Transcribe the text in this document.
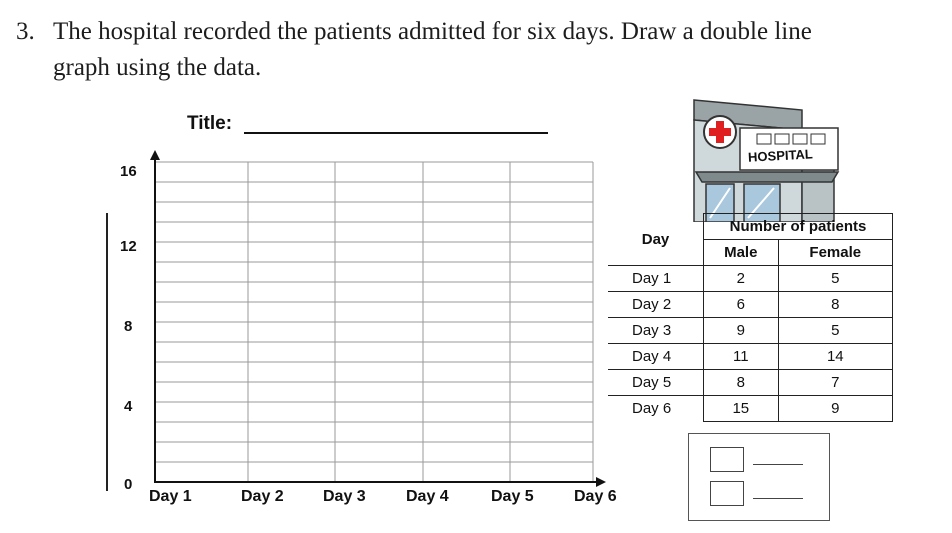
3. The hospital recorded the patients admitted for six days. Draw a double line
graph using the data.
Title:
16
12
8
4
0
Day 1	Day 2 Day 3	Day 4	Day 5	Day 6
HOSPITAL
Day	Number of patients	
	Male	Female
Day 1	2	5
Day 2	6	8
Day 3	9	5
Day 4	11	14
Day 5	8	7
Day 6	15	9
